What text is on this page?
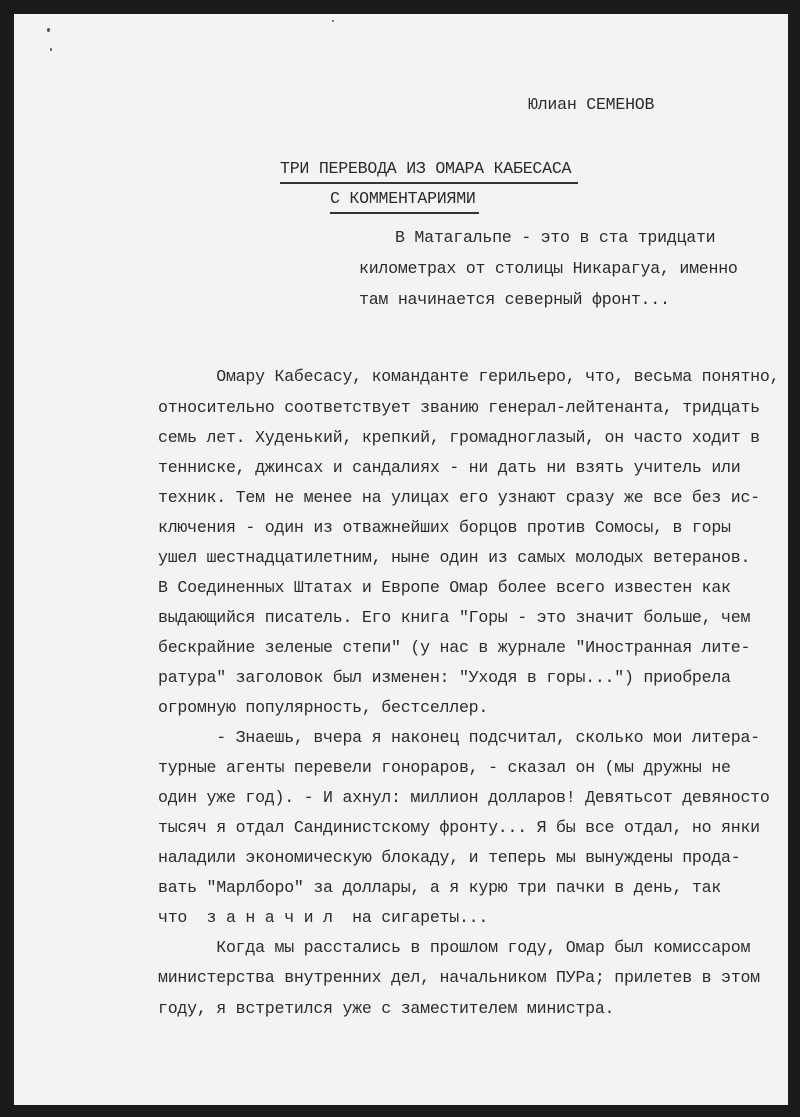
Юлиан СЕМЕНОВ
ТРИ ПЕРЕВОДА ИЗ ОМАРА КАБЕСАСА
С КОММЕНТАРИЯМИ
В Матагальпе - это в ста тридцати
километрах от столицы Никарагуа, именно
там начинается северный фронт...
Омару Кабесасу, команданте герильеро, что, весьма понятно,
относительно соответствует званию генерал-лейтенанта, тридцать
семь лет. Худенький, крепкий, громадноглазый, он часто ходит в
тенниске, джинсах и сандалиях - ни дать ни взять учитель или
техник. Тем не менее на улицах его узнают сразу же все без ис-
ключения - один из отважнейших борцов против Сомосы, в горы
ушел шестнадцатилетним, ныне один из самых молодых ветеранов.
В Соединенных Штатах и Европе Омар более всего известен как
выдающийся писатель. Его книга "Горы - это значит больше, чем
бескрайние зеленые степи" (у нас в журнале "Иностранная лите-
ратура" заголовок был изменен: "Уходя в горы...") приобрела
огромную популярность, бестселлер.
- Знаешь, вчера я наконец подсчитал, сколько мои литера-
турные агенты перевели гонораров, - сказал он (мы дружны не
один уже год). - И ахнул: миллион долларов! Девятьсот девяносто
тысяч я отдал Сандинистскому фронту... Я бы все отдал, но янки
наладили экономическую блокаду, и теперь мы вынуждены прода-
вать "Марлборо" за доллары, а я курю три пачки в день, так
что  з а н а ч и л  на сигареты...
Когда мы расстались в прошлом году, Омар был комиссаром
министерства внутренних дел, начальником ПУРа; прилетев в этом
году, я встретился уже с заместителем министра.
